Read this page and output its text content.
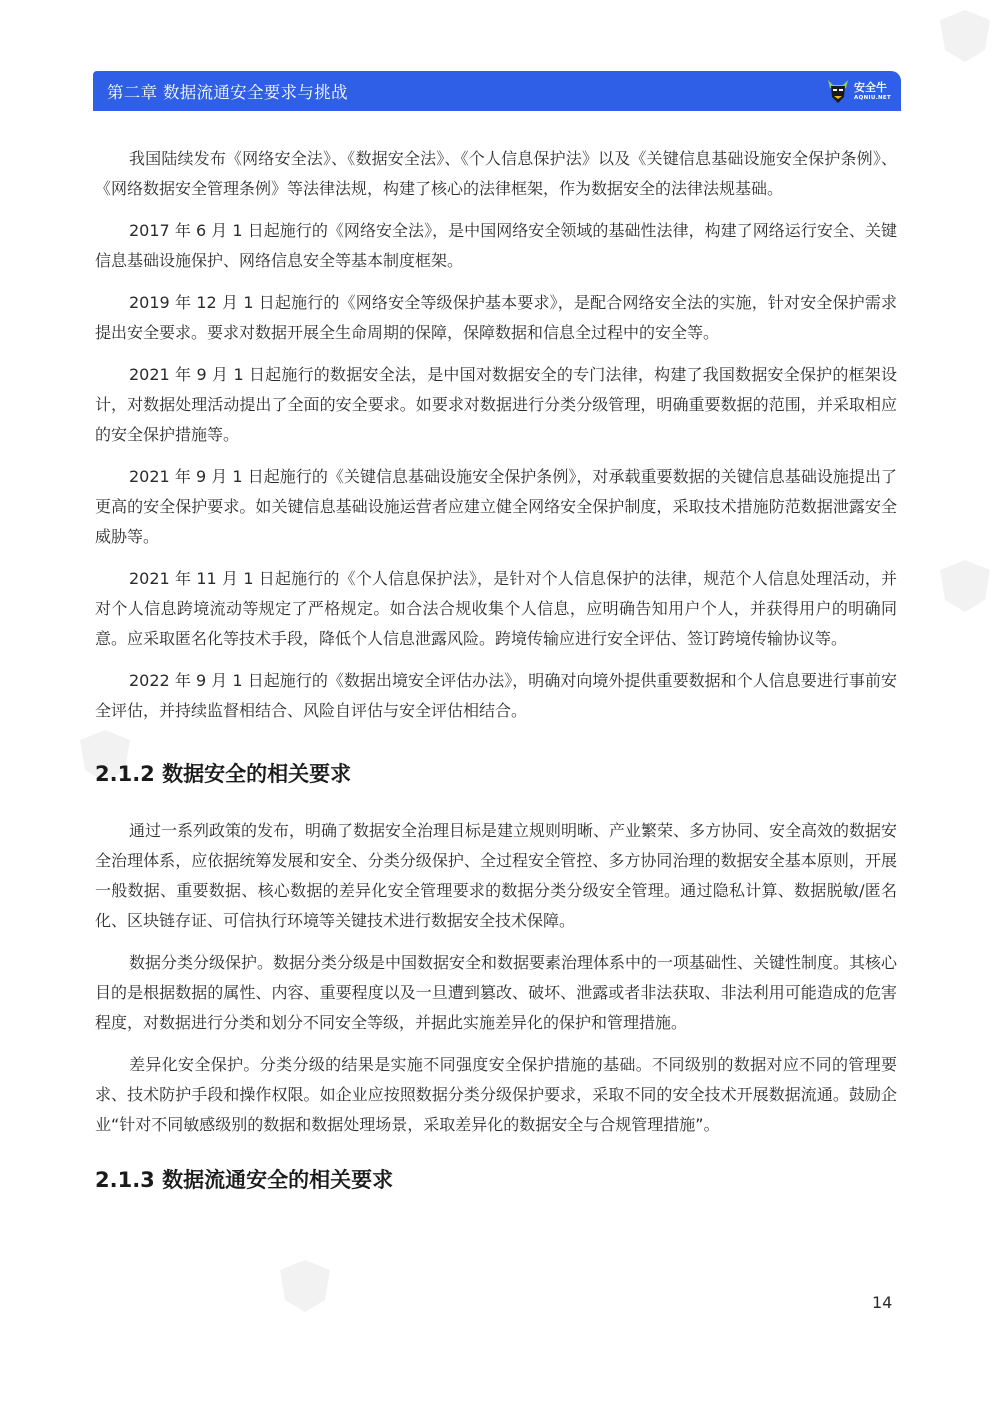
第二章 数据流通安全要求与挑战	安全牛
AQNIU.NET

我国陆续发布《网络安全法》、《数据安全法》、《个人信息保护法》以及《关键信息基础设施安全保护条例》、《网络数据安全管理条例》等法律法规，构建了核心的法律框架，作为数据安全的法律法规基础。

2017 年 6 月 1 日起施行的《网络安全法》，是中国网络安全领域的基础性法律，构建了网络运行安全、关键信息基础设施保护、网络信息安全等基本制度框架。

2019 年 12 月 1 日起施行的《网络安全等级保护基本要求》，是配合网络安全法的实施，针对安全保护需求提出安全要求。要求对数据开展全生命周期的保障，保障数据和信息全过程中的安全等。

2021 年 9 月 1 日起施行的数据安全法，是中国对数据安全的专门法律，构建了我国数据安全保护的框架设计，对数据处理活动提出了全面的安全要求。如要求对数据进行分类分级管理，明确重要数据的范围，并采取相应的安全保护措施等。

2021 年 9 月 1 日起施行的《关键信息基础设施安全保护条例》，对承载重要数据的关键信息基础设施提出了更高的安全保护要求。如关键信息基础设施运营者应建立健全网络安全保护制度，采取技术措施防范数据泄露安全威胁等。

2021 年 11 月 1 日起施行的《个人信息保护法》，是针对个人信息保护的法律，规范个人信息处理活动，并对个人信息跨境流动等规定了严格规定。如合法合规收集个人信息，应明确告知用户个人，并获得用户的明确同意。应采取匿名化等技术手段，降低个人信息泄露风险。跨境传输应进行安全评估、签订跨境传输协议等。

2022 年 9 月 1 日起施行的《数据出境安全评估办法》，明确对向境外提供重要数据和个人信息要进行事前安全评估，并持续监督相结合、风险自评估与安全评估相结合。

2.1.2 数据安全的相关要求

通过一系列政策的发布，明确了数据安全治理目标是建立规则明晰、产业繁荣、多方协同、安全高效的数据安全治理体系，应依据统筹发展和安全、分类分级保护、全过程安全管控、多方协同治理的数据安全基本原则，开展一般数据、重要数据、核心数据的差异化安全管理要求的数据分类分级安全管理。通过隐私计算、数据脱敏/匿名化、区块链存证、可信执行环境等关键技术进行数据安全技术保障。

数据分类分级保护。数据分类分级是中国数据安全和数据要素治理体系中的一项基础性、关键性制度。其核心目的是根据数据的属性、内容、重要程度以及一旦遭到篡改、破坏、泄露或者非法获取、非法利用可能造成的危害程度，对数据进行分类和划分不同安全等级，并据此实施差异化的保护和管理措施。

差异化安全保护。分类分级的结果是实施不同强度安全保护措施的基础。不同级别的数据对应不同的管理要求、技术防护手段和操作权限。如企业应按照数据分类分级保护要求，采取不同的安全技术开展数据流通。鼓励企业“针对不同敏感级别的数据和数据处理场景，采取差异化的数据安全与合规管理措施”。

2.1.3 数据流通安全的相关要求
14
